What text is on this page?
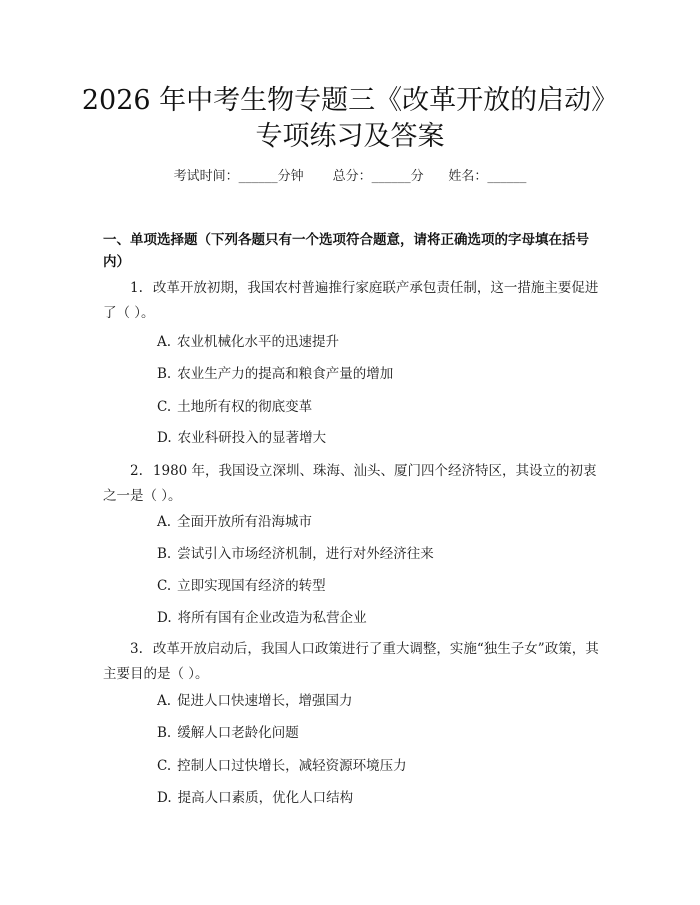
2026 年中考生物专题三《改革开放的启动》
专项练习及答案
考试时间：______分钟 总分：______分 姓名：______
一、单项选择题（下列各题只有一个选项符合题意，请将正确选项的字母填在括号内）
1. 改革开放初期，我国农村普遍推行家庭联产承包责任制，这一措施主要促进了（ ）。
A. 农业机械化水平的迅速提升
B. 农业生产力的提高和粮食产量的增加
C. 土地所有权的彻底变革
D. 农业科研投入的显著增大
2. 1980 年，我国设立深圳、珠海、汕头、厦门四个经济特区，其设立的初衷之一是（ ）。
A. 全面开放所有沿海城市
B. 尝试引入市场经济机制，进行对外经济往来
C. 立即实现国有经济的转型
D. 将所有国有企业改造为私营企业
3. 改革开放启动后，我国人口政策进行了重大调整，实施“独生子女”政策，其主要目的是（ ）。
A. 促进人口快速增长，增强国力
B. 缓解人口老龄化问题
C. 控制人口过快增长，减轻资源环境压力
D. 提高人口素质，优化人口结构
